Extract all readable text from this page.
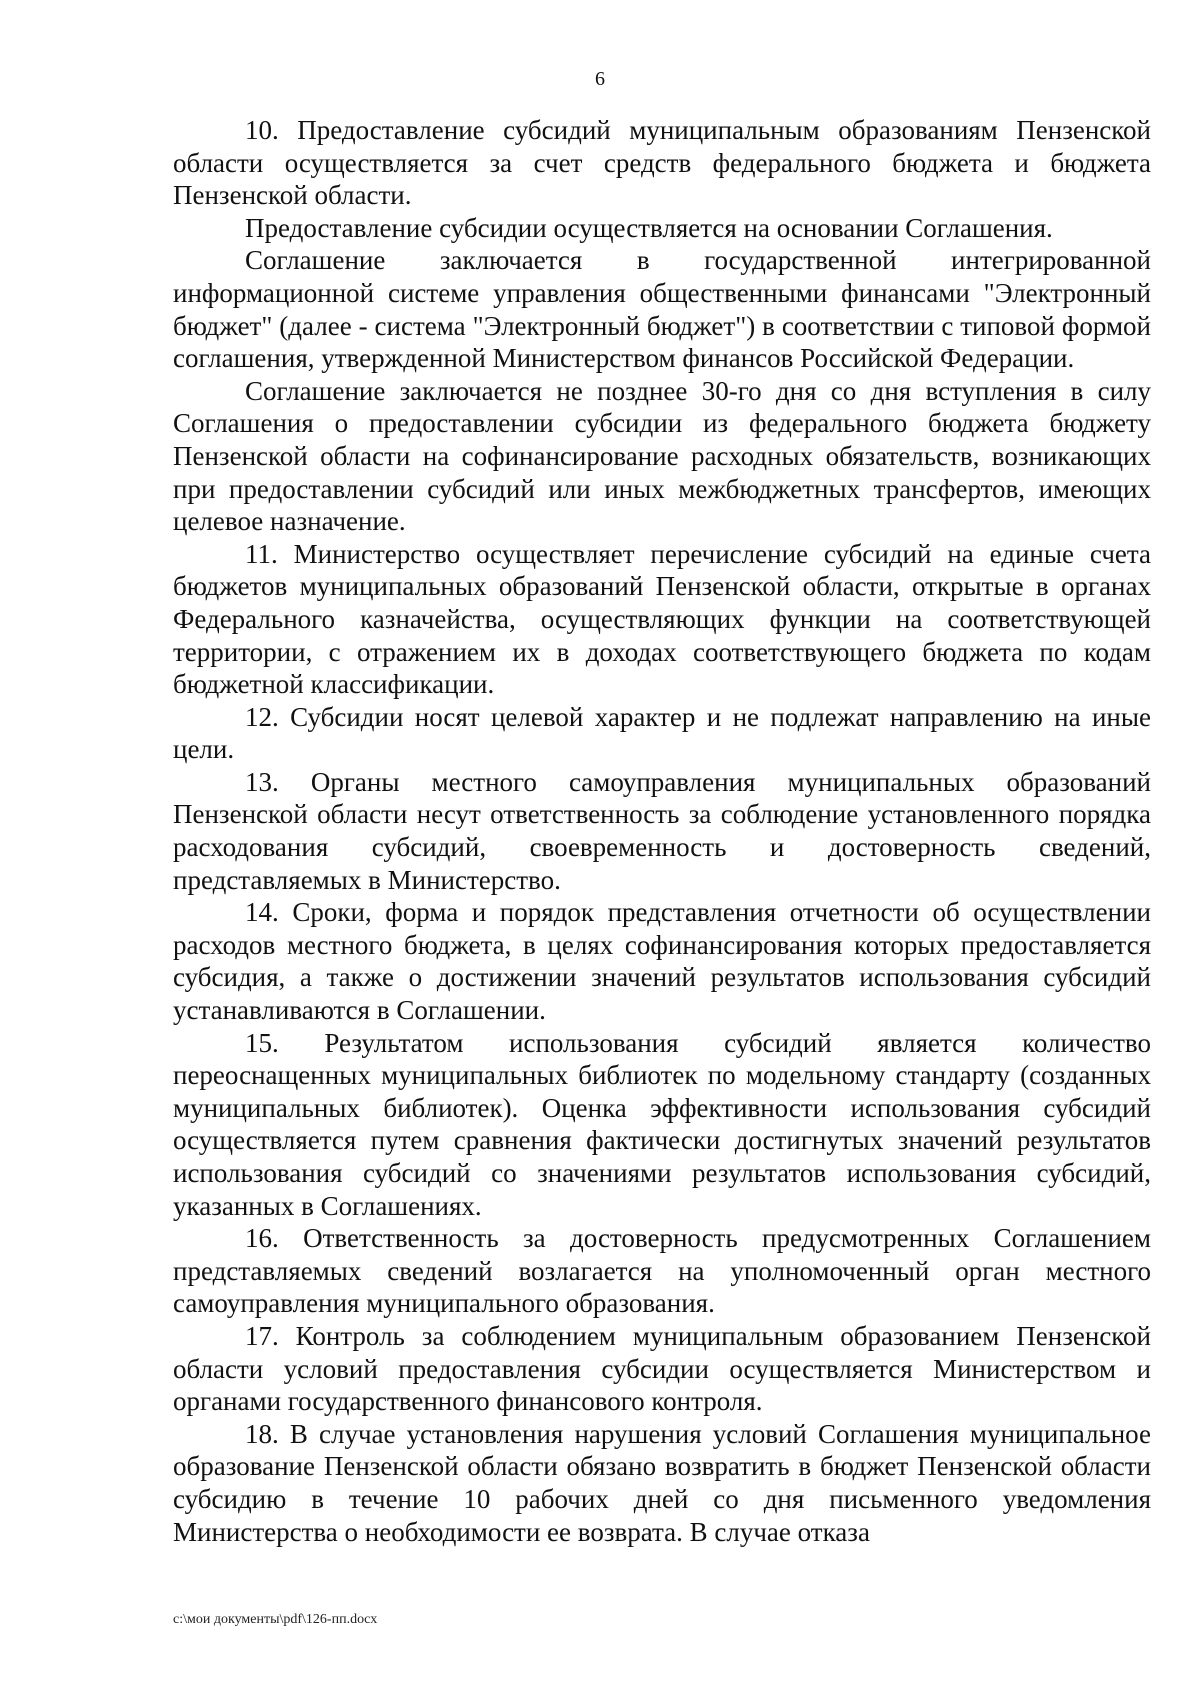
6

10. Предоставление субсидий муниципальным образованиям Пензенской области осуществляется за счет средств федерального бюджета и бюджета Пензенской области.

Предоставление субсидии осуществляется на основании Соглашения.

Соглашение заключается в государственной интегрированной информационной системе управления общественными финансами "Электронный бюджет" (далее - система "Электронный бюджет") в соответствии с типовой формой соглашения, утвержденной Министерством финансов Российской Федерации.

Соглашение заключается не позднее 30-го дня со дня вступления в силу Соглашения о предоставлении субсидии из федерального бюджета бюджету Пензенской области на софинансирование расходных обязательств, возникающих при предоставлении субсидий или иных межбюджетных трансфертов, имеющих целевое назначение.

11. Министерство осуществляет перечисление субсидий на единые счета бюджетов муниципальных образований Пензенской области, открытые в органах Федерального казначейства, осуществляющих функции на соответствующей территории, с отражением их в доходах соответствующего бюджета по кодам бюджетной классификации.

12. Субсидии носят целевой характер и не подлежат направлению на иные цели.

13. Органы местного самоуправления муниципальных образований Пензенской области несут ответственность за соблюдение установленного порядка расходования субсидий, своевременность и достоверность сведений, представляемых в Министерство.

14. Сроки, форма и порядок представления отчетности об осуществлении расходов местного бюджета, в целях софинансирования которых предоставляется субсидия, а также о достижении значений результатов использования субсидий устанавливаются в Соглашении.

15. Результатом использования субсидий является количество переоснащенных муниципальных библиотек по модельному стандарту (созданных муниципальных библиотек). Оценка эффективности использования субсидий осуществляется путем сравнения фактически достигнутых значений результатов использования субсидий со значениями результатов использования субсидий, указанных в Соглашениях.

16. Ответственность за достоверность предусмотренных Соглашением представляемых сведений возлагается на уполномоченный орган местного самоуправления муниципального образования.

17. Контроль за соблюдением муниципальным образованием Пензенской области условий предоставления субсидии осуществляется Министерством и органами государственного финансового контроля.

18. В случае установления нарушения условий Соглашения муниципальное образование Пензенской области обязано возвратить в бюджет Пензенской области субсидию в течение 10 рабочих дней со дня письменного уведомления Министерства о необходимости ее возврата. В случае отказа

c:\мои документы\pdf\126-пп.docx
